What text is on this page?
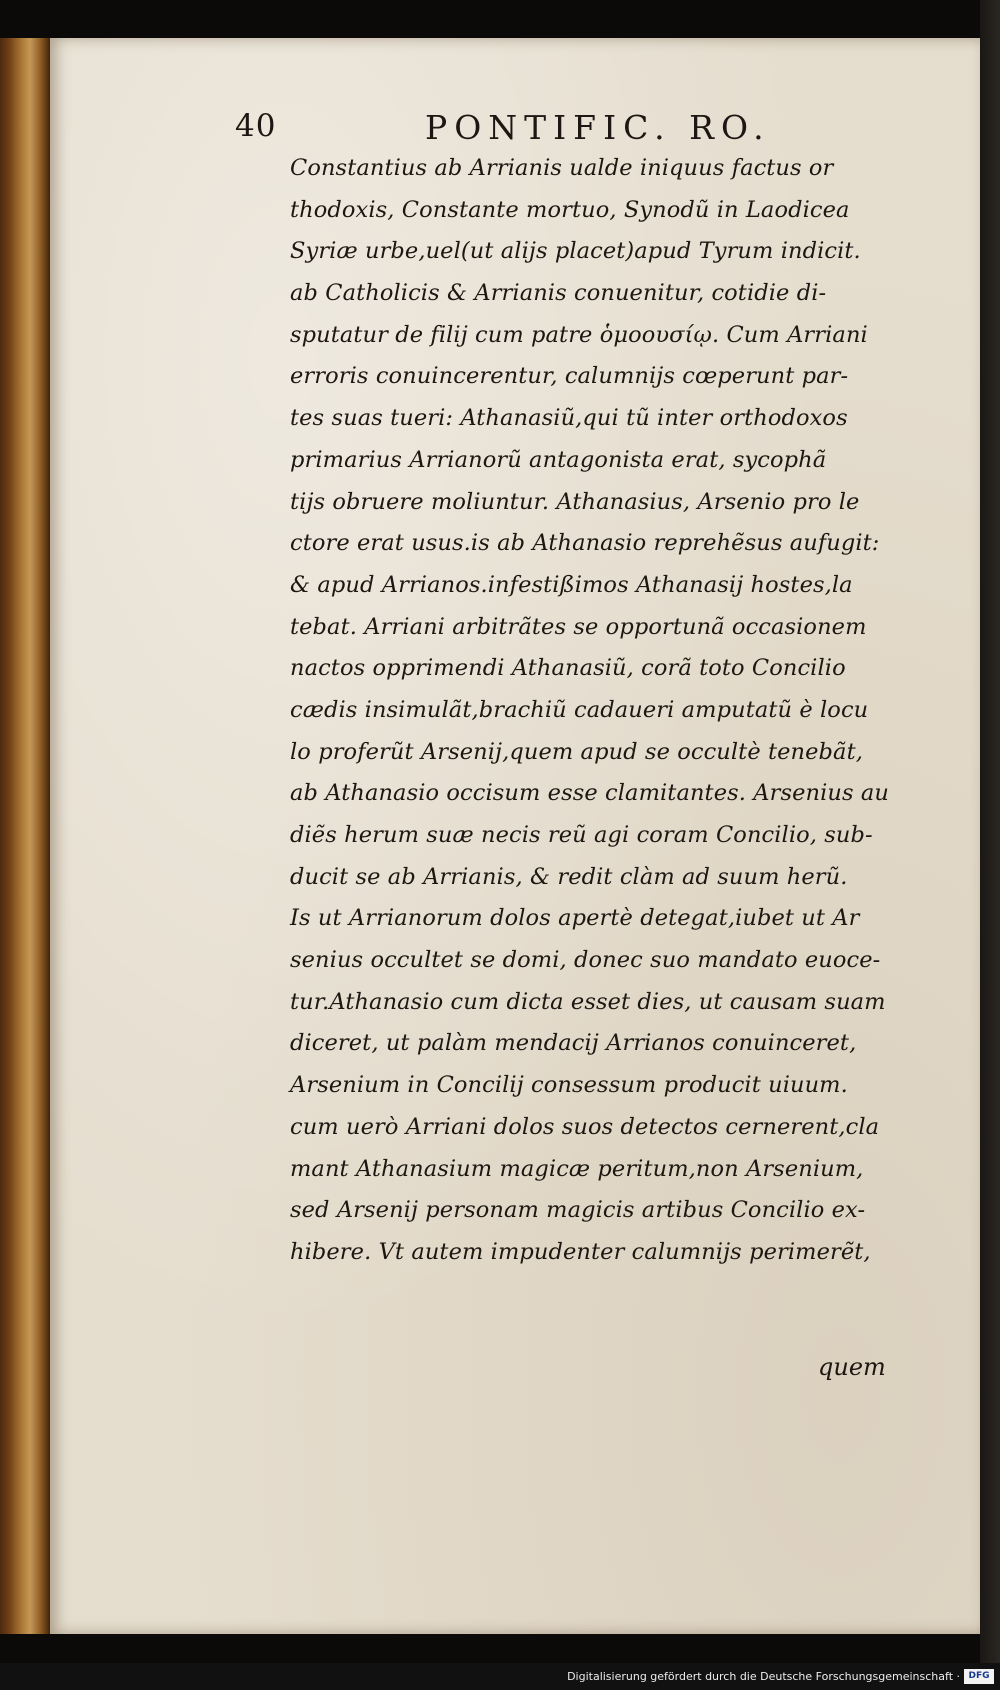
40	PONTIFIC. RO.
Constantius ab Arrianis ualde iniquus factus or
thodoxis, Constante mortuo, Synodũ in Laodicea
Syriæ urbe,uel(ut alijs placet)apud Tyrum indicit.
ab Catholicis & Arrianis conuenitur, cotidie di-
sputatur de filij cum patre ὁμοουσίῳ. Cum Arriani
erroris conuincerentur, calumnijs cœperunt par-
tes suas tueri: Athanasiũ,qui tũ inter orthodoxos
primarius Arrianorũ antagonista erat, sycophã
tijs obruere moliuntur. Athanasius, Arsenio pro le
ctore erat usus.is ab Athanasio reprehẽsus aufugit:
& apud Arrianos.infestißimos Athanasij hostes,la
tebat. Arriani arbitrãtes se opportunã occasionem
nactos opprimendi Athanasiũ, corã toto Concilio
cædis insimulãt,brachiũ cadaueri amputatũ è locu
lo proferũt Arsenij,quem apud se occultè tenebãt,
ab Athanasio occisum esse clamitantes. Arsenius au
diẽs herum suæ necis reũ agi coram Concilio, sub-
ducit se ab Arrianis, & redit clàm ad suum herũ.
Is ut Arrianorum dolos apertè detegat,iubet ut Ar
senius occultet se domi, donec suo mandato euoce-
tur.Athanasio cum dicta esset dies, ut causam suam
diceret, ut palàm mendacij Arrianos conuinceret,
Arsenium in Concilij consessum producit uiuum.
cum uerò Arriani dolos suos detectos cernerent,cla
mant Athanasium magicæ peritum,non Arsenium,
sed Arsenij personam magicis artibus Concilio ex-
hibere. Vt autem impudenter calumnijs perimerẽt,
quem
Digitalisierung gefördert durch die Deutsche Forschungsgemeinschaft · DFG
